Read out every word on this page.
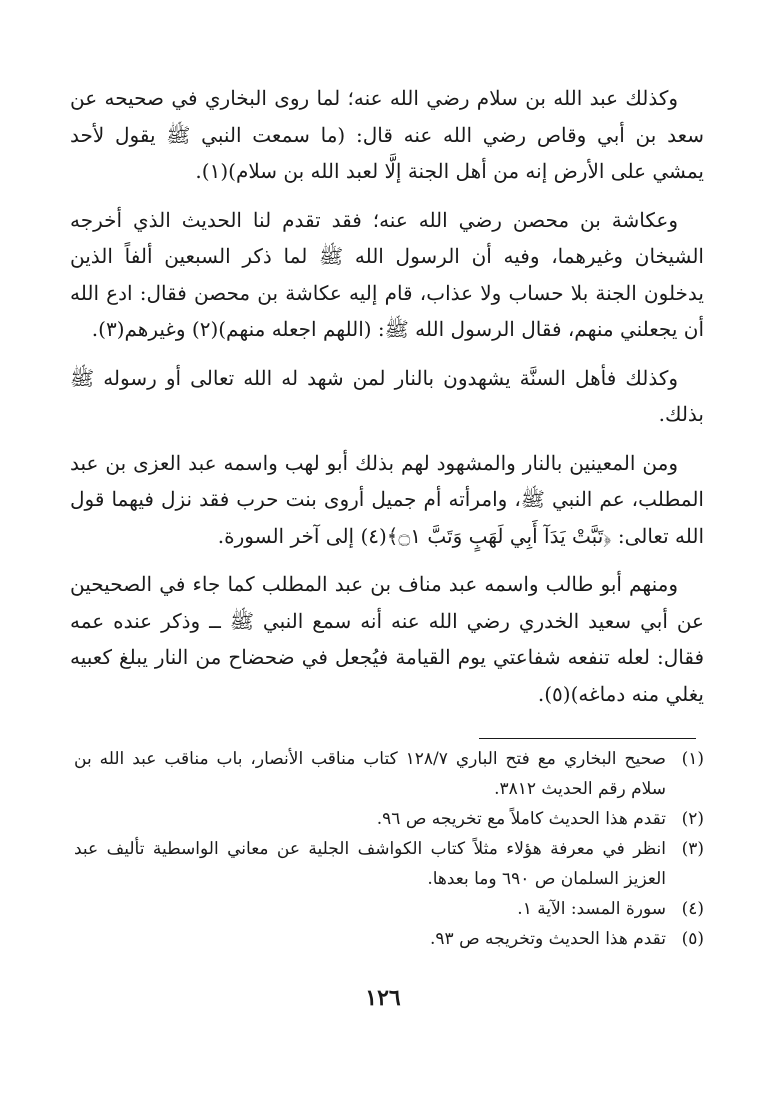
وكذلك عبد الله بن سلام رضي الله عنه؛ لما روى البخاري في صحيحه عن سعد بن أبي وقاص رضي الله عنه قال: (ما سمعت النبي ﷺ يقول لأحد يمشي على الأرض إنه من أهل الجنة إلَّا لعبد الله بن سلام)(١).

وعكاشة بن محصن رضي الله عنه؛ فقد تقدم لنا الحديث الذي أخرجه الشيخان وغيرهما، وفيه أن الرسول الله ﷺ لما ذكر السبعين ألفاً الذين يدخلون الجنة بلا حساب ولا عذاب، قام إليه عكاشة بن محصن فقال: ادع الله أن يجعلني منهم، فقال الرسول الله ﷺ: (اللهم اجعله منهم)(٢) وغيرهم(٣).

وكذلك فأهل السنَّة يشهدون بالنار لمن شهد له الله تعالى أو رسوله ﷺ بذلك.

ومن المعينين بالنار والمشهود لهم بذلك أبو لهب واسمه عبد العزى بن عبد المطلب، عم النبي ﷺ، وامرأته أم جميل أروى بنت حرب فقد نزل فيهما قول الله تعالى: ﴿تَبَّتْ يَدَآ أَبِي لَهَبٍ وَتَبَّ ۝١﴾(٤) إلى آخر السورة.

ومنهم أبو طالب واسمه عبد مناف بن عبد المطلب كما جاء في الصحيحين عن أبي سعيد الخدري رضي الله عنه أنه سمع النبي ﷺ ــ وذكر عنده عمه فقال: لعله تنفعه شفاعتي يوم القيامة فيُجعل في ضحضاح من النار يبلغ كعبيه يغلي منه دماغه)(٥).

(١)
صحيح البخاري مع فتح الباري ١٢٨/٧ كتاب مناقب الأنصار، باب مناقب عبد الله بن سلام رقم الحديث ٣٨١٢.
(٢)
تقدم هذا الحديث كاملاً مع تخريجه ص ٩٦.
(٣)
انظر في معرفة هؤلاء مثلاً كتاب الكواشف الجلية عن معاني الواسطية تأليف عبد العزيز السلمان ص ٦٩٠ وما بعدها.
(٤)
سورة المسد: الآية ١.
(٥)
تقدم هذا الحديث وتخريجه ص ٩٣.
١٢٦
